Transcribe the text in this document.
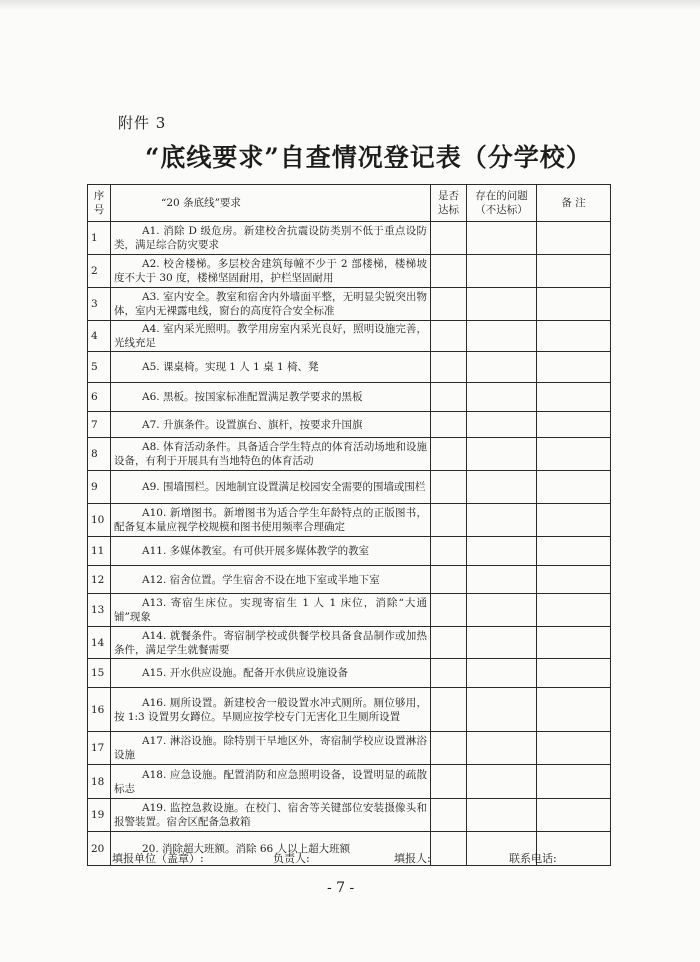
附件 3
“底线要求”自查情况登记表（分学校）
序号	“20 条底线”要求	是否达标	存在的问题（不达标）	备 注
1	A1. 消除 D 级危房。新建校舍抗震设防类别不低于重点设防类，满足综合防灾要求			
2	A2. 校舍楼梯。多层校舍建筑每幢不少于 2 部楼梯，楼梯坡度不大于 30 度，楼梯坚固耐用，护栏坚固耐用			
3	A3. 室内安全。教室和宿舍内外墙面平整，无明显尖锐突出物体，室内无裸露电线，窗台的高度符合安全标准			
4	A4. 室内采光照明。教学用房室内采光良好，照明设施完善，光线充足			
5	A5. 课桌椅。实现 1 人 1 桌 1 椅、凳			
6	A6. 黑板。按国家标准配置满足教学要求的黑板			
7	A7. 升旗条件。设置旗台、旗杆，按要求升国旗			
8	A8. 体育活动条件。具备适合学生特点的体育活动场地和设施设备，有利于开展具有当地特色的体育活动			
9	A9. 围墙围栏。因地制宜设置满足校园安全需要的围墙或围栏			
10	A10. 新增图书。新增图书为适合学生年龄特点的正版图书，配备复本量应视学校规模和图书使用频率合理确定			
11	A11. 多媒体教室。有可供开展多媒体教学的教室			
12	A12. 宿舍位置。学生宿舍不设在地下室或半地下室			
13	A13. 寄宿生床位。实现寄宿生 1 人 1 床位，消除“大通铺”现象			
14	A14. 就餐条件。寄宿制学校或供餐学校具备食品制作或加热条件，满足学生就餐需要			
15	A15. 开水供应设施。配备开水供应设施设备			
16	A16. 厕所设置。新建校舍一般设置水冲式厕所。厕位够用，按 1:3 设置男女蹲位。旱厕应按学校专门无害化卫生厕所设置			
17	A17. 淋浴设施。除特别干旱地区外，寄宿制学校应设置淋浴设施			
18	A18. 应急设施。配置消防和应急照明设备，设置明显的疏散标志			
19	A19. 监控急救设施。在校门、宿舍等关键部位安装摄像头和报警装置。宿舍区配备急救箱			
20	20. 消除超大班额。消除 66 人以上超大班额			
填报单位（盖章）:	负责人:	填报人:	联系电话:
- 7 -
